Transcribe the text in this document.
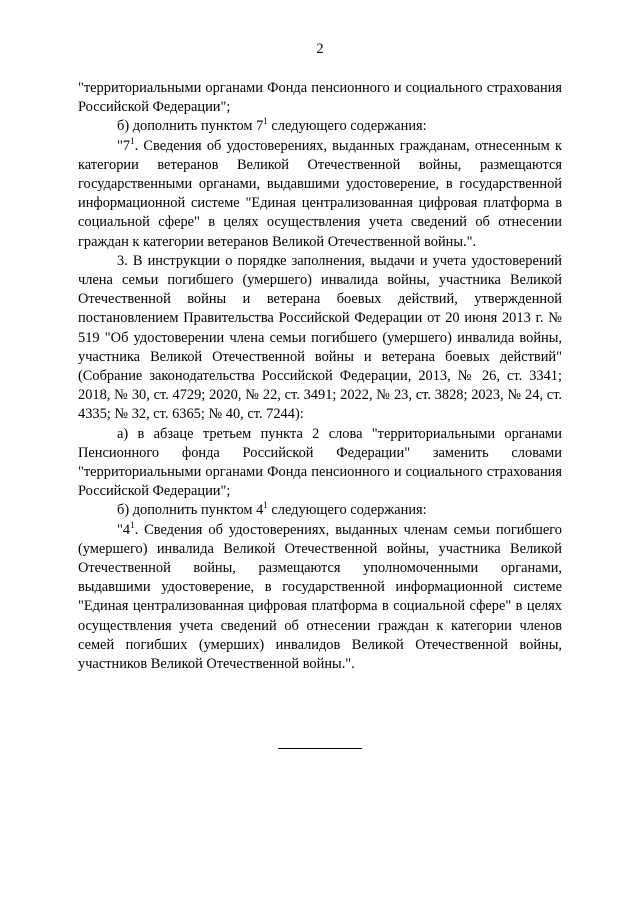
2

"территориальными органами Фонда пенсионного и социального страхования Российской Федерации";

б) дополнить пунктом $7^1$ следующего содержания:

"$7^1$. Сведения об удостоверениях, выданных гражданам, отнесенным к категории ветеранов Великой Отечественной войны, размещаются государственными органами, выдавшими удостоверение, в государственной информационной системе "Единая централизованная цифровая платформа в социальной сфере" в целях осуществления учета сведений об отнесении граждан к категории ветеранов Великой Отечественной войны.".

3. В инструкции о порядке заполнения, выдачи и учета удостоверений члена семьи погибшего (умершего) инвалида войны, участника Великой Отечественной войны и ветерана боевых действий, утвержденной постановлением Правительства Российской Федерации от 20 июня 2013 г. № 519 "Об удостоверении члена семьи погибшего (умершего) инвалида войны, участника Великой Отечественной войны и ветерана боевых действий" (Собрание законодательства Российской Федерации, 2013, № 26, ст. 3341; 2018, № 30, ст. 4729; 2020, № 22, ст. 3491; 2022, № 23, ст. 3828; 2023, № 24, ст. 4335; № 32, ст. 6365; № 40, ст. 7244):

а) в абзаце третьем пункта 2 слова "территориальными органами Пенсионного фонда Российской Федерации" заменить словами "территориальными органами Фонда пенсионного и социального страхования Российской Федерации";

б) дополнить пунктом $4^1$ следующего содержания:

"$4^1$. Сведения об удостоверениях, выданных членам семьи погибшего (умершего) инвалида Великой Отечественной войны, участника Великой Отечественной войны, размещаются уполномоченными органами, выдавшими удостоверение, в государственной информационной системе "Единая централизованная цифровая платформа в социальной сфере" в целях осуществления учета сведений об отнесении граждан к категории членов семей погибших (умерших) инвалидов Великой Отечественной войны, участников Великой Отечественной войны.".
